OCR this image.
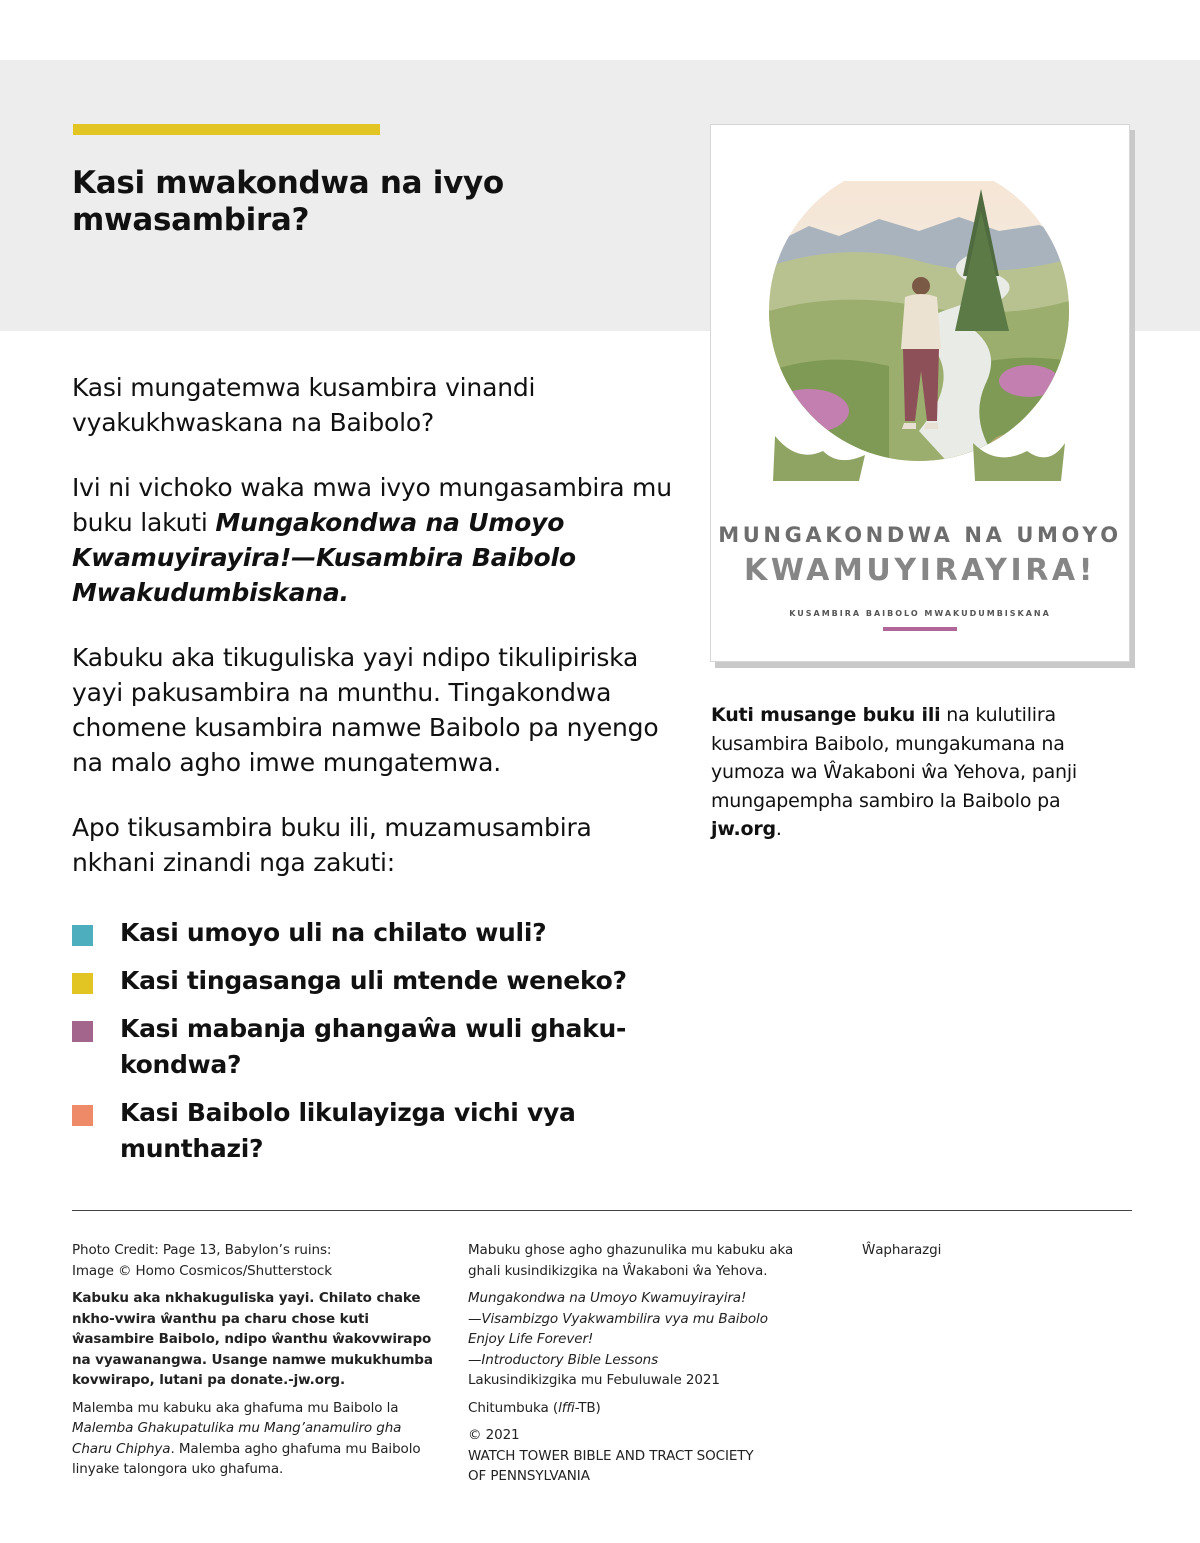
Kasi mwakondwa na ivyo mwasambira?

Kasi mungatemwa kusambira vinandi vyakukhwaskana na Baibolo?

Ivi ni vichoko waka mwa ivyo mungasambira mu buku lakuti Mungakondwa na Umoyo Kwamuyirayira!—Kusambira Baibolo Mwakudumbiskana.

Kabuku aka tikuguliska yayi ndipo tikulipiriska yayi pakusambira na munthu. Tingakondwa chomene kusambira namwe Baibolo pa nyengo na malo agho imwe mungatemwa.

Apo tikusambira buku ili, muzamusambira nkhani zinandi nga zakuti:

Kasi umoyo uli na chilato wuli?
Kasi tingasanga uli mtende weneko?
Kasi mabanja ghangaŵa wuli ghaku-kondwa?
Kasi Baibolo likulayizga vichi vya munthazi?
MUNGAKONDWA NA UMOYO
KWAMUYIRAYIRA!
KUSAMBIRA BAIBOLO MWAKUDUMBISKANA

Kuti musange buku ili na kulutilira kusambira Baibolo, mungakumana na yumoza wa Ŵakaboni ŵa Yehova, panji mungapempha sambiro la Baibolo pa jw.org.

Photo Credit: Page 13, Babylon’s ruins:
Image © Homo Cosmicos/Shutterstock

Kabuku aka nkhakuguliska yayi. Chilato chake nkho-vwira ŵanthu pa charu chose kuti ŵasambire Baibolo, ndipo ŵanthu ŵakovwirapo na vyawanangwa. Usange namwe mukukhumba kovwirapo, lutani pa donate.-jw.org.

Malemba mu kabuku aka ghafuma mu Baibolo la Malemba Ghakupatulika mu Mang’anamuliro gha Charu Chiphya. Malemba agho ghafuma mu Baibolo linyake talongora uko ghafuma.

Mabuku ghose agho ghazunulika mu kabuku aka ghali kusindikizgika na Ŵakaboni ŵa Yehova.

Mungakondwa na Umoyo Kwamuyirayira!
—Visambizgo Vyakwambilira vya mu Baibolo
Enjoy Life Forever!
—Introductory Bible Lessons
Lakusindikizgika mu Febuluwale 2021

Chitumbuka (lffi-TB)

© 2021
WATCH TOWER BIBLE AND TRACT SOCIETY
OF PENNSYLVANIA

Ŵapharazgi
